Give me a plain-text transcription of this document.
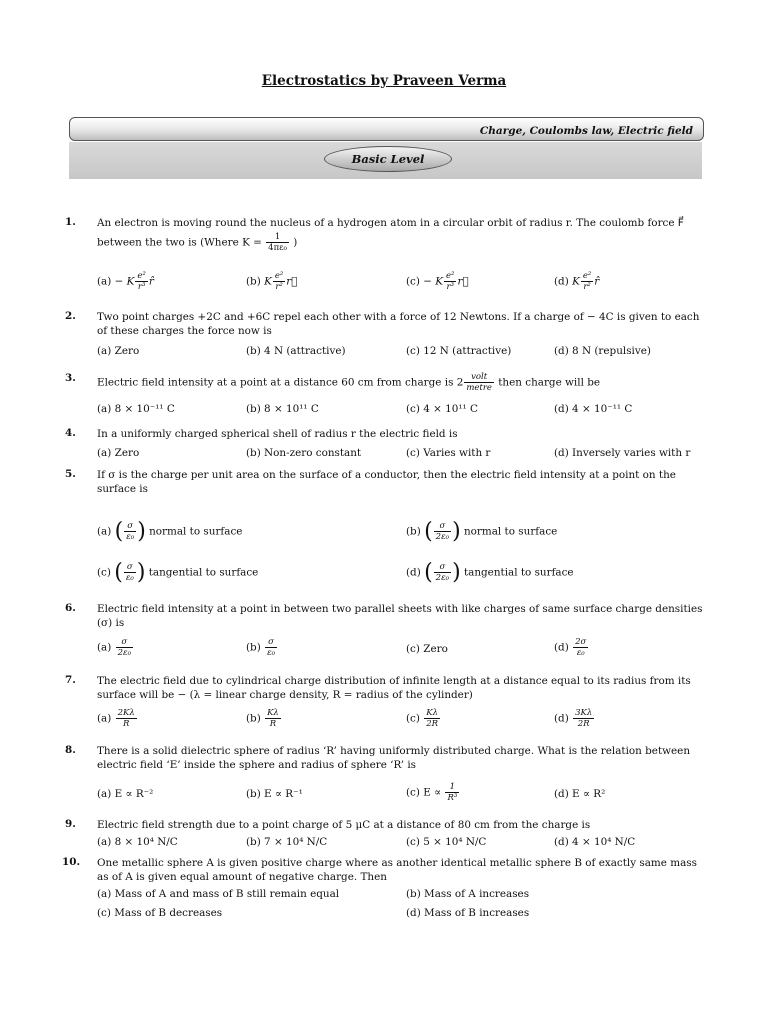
Electrostatics by Praveen Verma
Charge, Coulombs law, Electric field
Basic Level
1. An electron is moving round the nucleus of a hydrogen atom in a circular orbit of radius r. The coulomb force F⃗
between the two is (Where $K = \frac{1}{\text{4πε₀}}$ )
(a) − K $\frac{\text{e²}}{\text{r³}}$ r̂	(b) K $\frac{\text{e²}}{\text{r²}}$ r⃗	(c) − K $\frac{\text{e²}}{\text{r³}}$ r⃗	(d) K $\frac{\text{e²}}{\text{r²}}$ r̂
2. Two point charges +2C and +6C repel each other with a force of 12 Newtons. If a charge of − 4C is given to each of these charges the force now is
(a) Zero	(b) 4 N (attractive)	(c) 12 N (attractive)	(d) 8 N (repulsive)
3. Electric field intensity at a point at a distance 60 cm from charge is $2 \frac{\text{volt}}{\text{metre}}$ then charge will be
(a) 8 × 10⁻¹¹ C	(b) 8 × 10¹¹ C	(c) 4 × 10¹¹ C	(d) 4 × 10⁻¹¹ C
4. In a uniformly charged spherical shell of radius r the electric field is
(a) Zero	(b) Non-zero constant	(c) Varies with r	(d) Inversely varies with r
5. If σ is the charge per unit area on the surface of a conductor, then the electric field intensity at a point on the surface is
(a) ( $\frac{\sigma}{\text{ε₀}}$ ) normal to surface	(b) ( $\frac{\sigma}{\text{2ε₀}}$ ) normal to surface
(c) ( $\frac{\sigma}{\text{ε₀}}$ ) tangential to surface	(d) ( $\frac{\sigma}{\text{2ε₀}}$ ) tangential to surface
6. Electric field intensity at a point in between two parallel sheets with like charges of same surface charge densities (σ) is
$(a) \frac{\sigma}{\text{2ε₀}}$	$(b) \frac{\sigma}{\text{ε₀}}$	(c) Zero	$(d) \frac{2\sigma}{\text{ε₀}}$
7. The electric field due to cylindrical charge distribution of infinite length at a distance equal to its radius from its surface will be − (λ = linear charge density, R = radius of the cylinder)
$(a) \frac{2K\lambda}{R}$	$(b) \frac{K\lambda}{R}$	$(c) \frac{K\lambda}{2R}$	$(d) \frac{3K\lambda}{2R}$
8. There is a solid dielectric sphere of radius ‘R’ having uniformly distributed charge. What is the relation between electric field ‘E’ inside the sphere and radius of sphere ‘R’ is
(a) E ∝ R⁻²	(b) E ∝ R⁻¹	(c) $E \propto \frac{1}{\text{R³}}$	(d) E ∝ R²
9. Electric field strength due to a point charge of 5 μC at a distance of 80 cm from the charge is
(a) 8 × 10⁴ N/C	(b) 7 × 10⁴ N/C	(c) 5 × 10⁴ N/C	(d) 4 × 10⁴ N/C
10. One metallic sphere A is given positive charge where as another identical metallic sphere B of exactly same mass as of A is given equal amount of negative charge. Then
(a) Mass of A and mass of B still remain equal	(b) Mass of A increases
(c) Mass of B decreases	(d) Mass of B increases
